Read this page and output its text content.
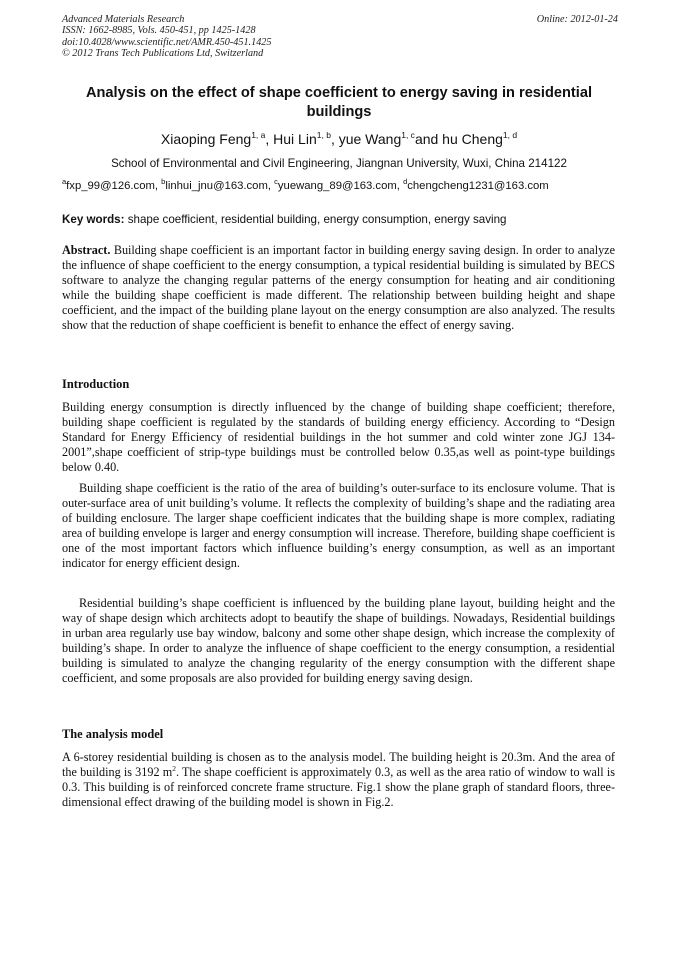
Advanced Materials Research
ISSN: 1662-8985, Vols. 450-451, pp 1425-1428
doi:10.4028/www.scientific.net/AMR.450-451.1425
© 2012 Trans Tech Publications Ltd, Switzerland
Online: 2012-01-24
Analysis on the effect of shape coefficient to energy saving in residential buildings
Xiaoping Feng$^{1, a}$, Hui Lin$^{1, b}$, yue Wang$^{1, c}$and hu Cheng$^{1, d}$
School of Environmental and Civil Engineering, Jiangnan University, Wuxi, China 214122
$^a$fxp_99@126.com, $^b$linhui_jnu@163.com, $^c$yuewang_89@163.com, $^d$chengcheng1231@163.com
Key words: shape coefficient, residential building, energy consumption, energy saving
Abstract. Building shape coefficient is an important factor in building energy saving design. In order to analyze the influence of shape coefficient to the energy consumption, a typical residential building is simulated by BECS software to analyze the changing regular patterns of the energy consumption for heating and air conditioning while the building shape coefficient is made different. The relationship between building height and shape coefficient, and the impact of the building plane layout on the energy consumption are also analyzed. The results show that the reduction of shape coefficient is benefit to enhance the effect of energy saving.
Introduction
Building energy consumption is directly influenced by the change of building shape coefficient; therefore, building shape coefficient is regulated by the standards of building energy efficiency. According to “Design Standard for Energy Efficiency of residential buildings in the hot summer and cold winter zone JGJ 134-2001”,shape coefficient of strip-type buildings must be controlled below 0.35,as well as point-type buildings below 0.40.
Building shape coefficient is the ratio of the area of building’s outer-surface to its enclosure volume. That is outer-surface area of unit building’s volume. It reflects the complexity of building’s shape and the radiating area of building enclosure. The larger shape coefficient indicates that the building shape is more complex, radiating area of building envelope is larger and energy consumption will increase. Therefore, building shape coefficient is one of the most important factors which influence building’s energy consumption, as well as an important indicator for energy efficient design.
Residential building’s shape coefficient is influenced by the building plane layout, building height and the way of shape design which architects adopt to beautify the shape of buildings. Nowadays, Residential buildings in urban area regularly use bay window, balcony and some other shape design, which increase the complexity of building’s shape. In order to analyze the influence of shape coefficient to the energy consumption, a residential building is simulated to analyze the changing regularity of the energy consumption with the different shape coefficient, and some proposals are also provided for building energy saving design.
The analysis model
A 6-storey residential building is chosen as to the analysis model. The building height is 20.3m. And the area of the building is 3192 $m^2$. The shape coefficient is approximately 0.3, as well as the area ratio of window to wall is 0.3. This building is of reinforced concrete frame structure. Fig.1 show the plane graph of standard floors, three-dimensional effect drawing of the building model is shown in Fig.2.
